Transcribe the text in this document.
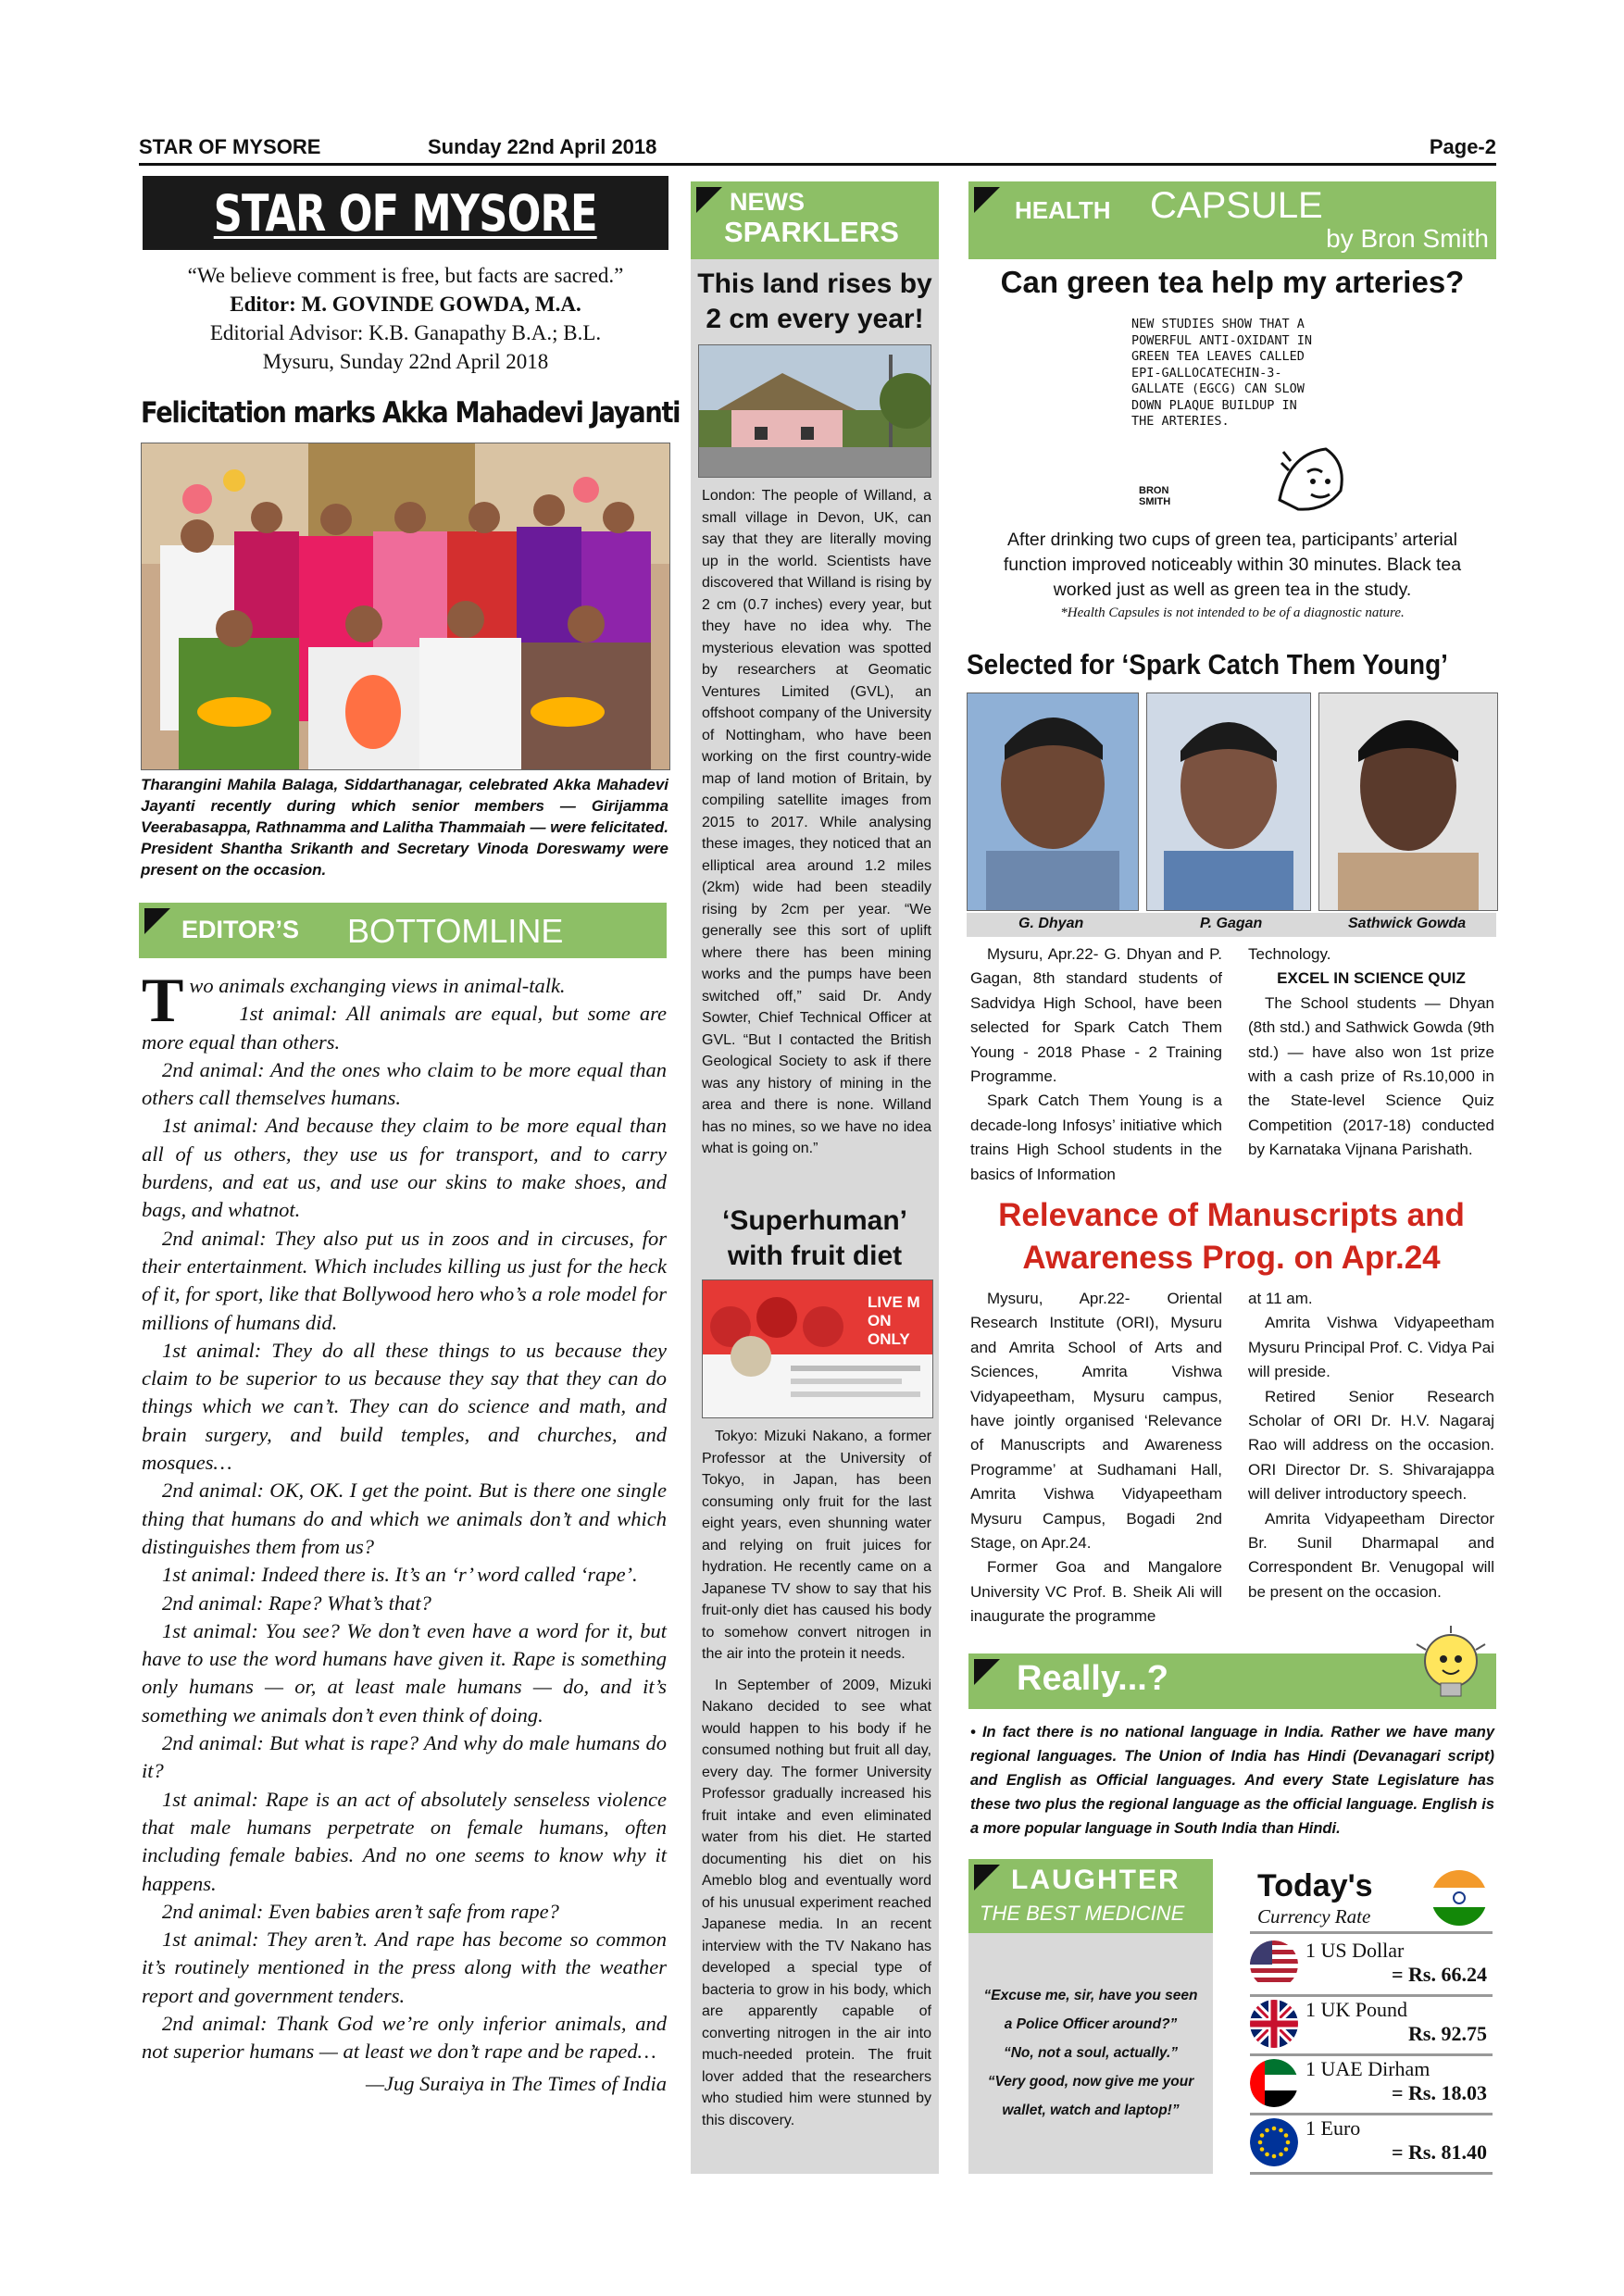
STAR OF MYSORE	Sunday 22nd April 2018	Page-2
STAR OF MYSORE
“We believe comment is free, but facts are sacred.”
Editor: M. GOVINDE GOWDA, M.A.
Editorial Advisor: K.B. Ganapathy B.A.; B.L.
Mysuru, Sunday 22nd April 2018
Felicitation marks Akka Mahadevi Jayanti
Tharangini Mahila Balaga, Siddarthanagar, celebrated Akka Mahadevi Jayanti recently during which senior members — Girijamma Veerabasappa, Rathnamma and Lalitha Thammaiah — were felicitated. President Shantha Srikanth and Secretary Vinoda Doreswamy were present on the occasion.
EDITOR’S BOTTOMLINE

Two animals exchanging views in animal-talk.

1st animal: All animals are equal, but some are more equal than others.

2nd animal: And the ones who claim to be more equal than others call themselves humans.

1st animal: And because they claim to be more equal than all of us others, they use us for transport, and to carry burdens, and eat us, and use our skins to make shoes, and bags, and whatnot.

2nd animal: They also put us in zoos and in circuses, for their entertainment. Which includes killing us just for the heck of it, for sport, like that Bollywood hero who’s a role model for millions of humans did.

1st animal: They do all these things to us because they claim to be superior to us because they say that they can do things which we can’t. They can do science and math, and brain surgery, and build temples, and churches, and mosques…

2nd animal: OK, OK. I get the point. But is there one single thing that humans do and which we animals don’t and which distinguishes them from us?

1st animal: Indeed there is. It’s an ‘r’ word called ‘rape’.

2nd animal: Rape? What’s that?

1st animal: You see? We don’t even have a word for it, but have to use the word humans have given it. Rape is something only humans — or, at least male humans — do, and it’s something we animals don’t even think of doing.

2nd animal: But what is rape? And why do male humans do it?

1st animal: Rape is an act of absolutely senseless violence that male humans perpetrate on female humans, often including female babies. And no one seems to know why it happens.

2nd animal: Even babies aren’t safe from rape?

1st animal: They aren’t. And rape has become so common it’s routinely mentioned in the press along with the weather report and government tenders.

2nd animal: Thank God we’re only inferior animals, and not superior humans — at least we don’t rape and be raped…

—Jug Suraiya in The Times of India

NEWS
SPARKLERS
This land rises by 2 cm every year!
London: The people of Willand, a small village in Devon, UK, can say that they are literally moving up in the world. Scientists have discovered that Willand is rising by 2 cm (0.7 inches) every year, but they have no idea why. The mysterious elevation was spotted by researchers at Geomatic Ventures Limited (GVL), an offshoot company of the University of Nottingham, who have been working on the first country-wide map of land motion of Britain, by compiling satellite images from 2015 to 2017. While analysing these images, they noticed that an elliptical area around 1.2 miles (2km) wide had been steadily rising by 2cm per year. “We generally see this sort of uplift where there has been mining works and the pumps have been switched off,” said Dr. Andy Sowter, Chief Technical Officer at GVL. “But I contacted the British Geological Society to ask if there was any history of mining in the area and there is none. Willand has no mines, so we have no idea what is going on.”
‘Superhuman’ with fruit diet
LIVE M ON ONLY
Tokyo: Mizuki Nakano, a former Professor at the University of Tokyo, in Japan, has been consuming only fruit for the last eight years, even shunning water and relying on fruit juices for hydration. He recently came on a Japanese TV show to say that his fruit-only diet has caused his body to somehow convert nitrogen in the air into the protein it needs.
In September of 2009, Mizuki Nakano decided to see what would happen to his body if he consumed nothing but fruit all day, every day. The former University Professor gradually increased his fruit intake and even eliminated water from his diet. He started documenting his diet on his Ameblo blog and eventually word of his unusual experiment reached Japanese media. In an recent interview with the TV Nakano has developed a special type of bacteria to grow in his body, which are apparently capable of converting nitrogen in the air into much-needed protein. The fruit lover added that the researchers who studied him were stunned by this discovery.
HEALTH CAPSULE
by Bron Smith
Can green tea help my arteries?
NEW STUDIES SHOW THAT A POWERFUL ANTI-OXIDANT IN GREEN TEA LEAVES CALLED EPI-GALLOCATECHIN-3-GALLATE (EGCG) CAN SLOW DOWN PLAQUE BUILDUP IN THE ARTERIES.
BRON SMITH
After drinking two cups of green tea, participants’ arterial function improved noticeably within 30 minutes. Black tea worked just as well as green tea in the study.
*Health Capsules is not intended to be of a diagnostic nature.
Selected for ‘Spark Catch Them Young’
G. Dhyan	P. Gagan	Sathwick Gowda

Mysuru, Apr.22- G. Dhyan and P. Gagan, 8th standard students of Sadvidya High School, have been selected for Spark Catch Them Young - 2018 Phase - 2 Training Programme.

Spark Catch Them Young is a decade-long Infosys’ initiative which trains High School students in the basics of Information

Technology.

EXCEL IN SCIENCE QUIZ

The School students — Dhyan (8th std.) and Sathwick Gowda (9th std.) — have also won 1st prize with a cash prize of Rs.10,000 in the State-level Science Quiz Competition (2017-18) conducted by Karnataka Vijnana Parishath.

Relevance of Manuscripts and
Awareness Prog. on Apr.24

Mysuru, Apr.22- Oriental Research Institute (ORI), Mysuru and Amrita School of Arts and Sciences, Amrita Vishwa Vidyapeetham, Mysuru campus, have jointly organised ‘Relevance of Manuscripts and Awareness Programme’ at Sudhamani Hall, Amrita Vishwa Vidyapeetham Mysuru Campus, Bogadi 2nd Stage, on Apr.24.

Former Goa and Mangalore University VC Prof. B. Sheik Ali will inaugurate the programme

at 11 am.

Amrita Vishwa Vidyapeetham Mysuru Principal Prof. C. Vidya Pai will preside.

Retired Senior Research Scholar of ORI Dr. H.V. Nagaraj Rao will address on the occasion. ORI Director Dr. S. Shivarajappa will deliver introductory speech.

Amrita Vidyapeetham Director Br. Sunil Dharmapal and Correspondent Br. Venugopal will be present on the occasion.

Really...?
• In fact there is no national language in India. Rather we have many regional languages. The Union of India has Hindi (Devanagari script) and English as Official languages. And every State Legislature has these two plus the regional language as the official language. English is a more popular language in South India than Hindi.
LAUGHTER
THE BEST MEDICINE
“Excuse me, sir, have you seen
a Police Officer around?”
“No, not a soul, actually.”
“Very good, now give me your
wallet, watch and laptop!”
Today's
Currency Rate
1 US Dollar
= Rs. 66.24
1 UK Pound
Rs. 92.75
1 UAE Dirham
= Rs. 18.03
1 Euro
= Rs. 81.40
